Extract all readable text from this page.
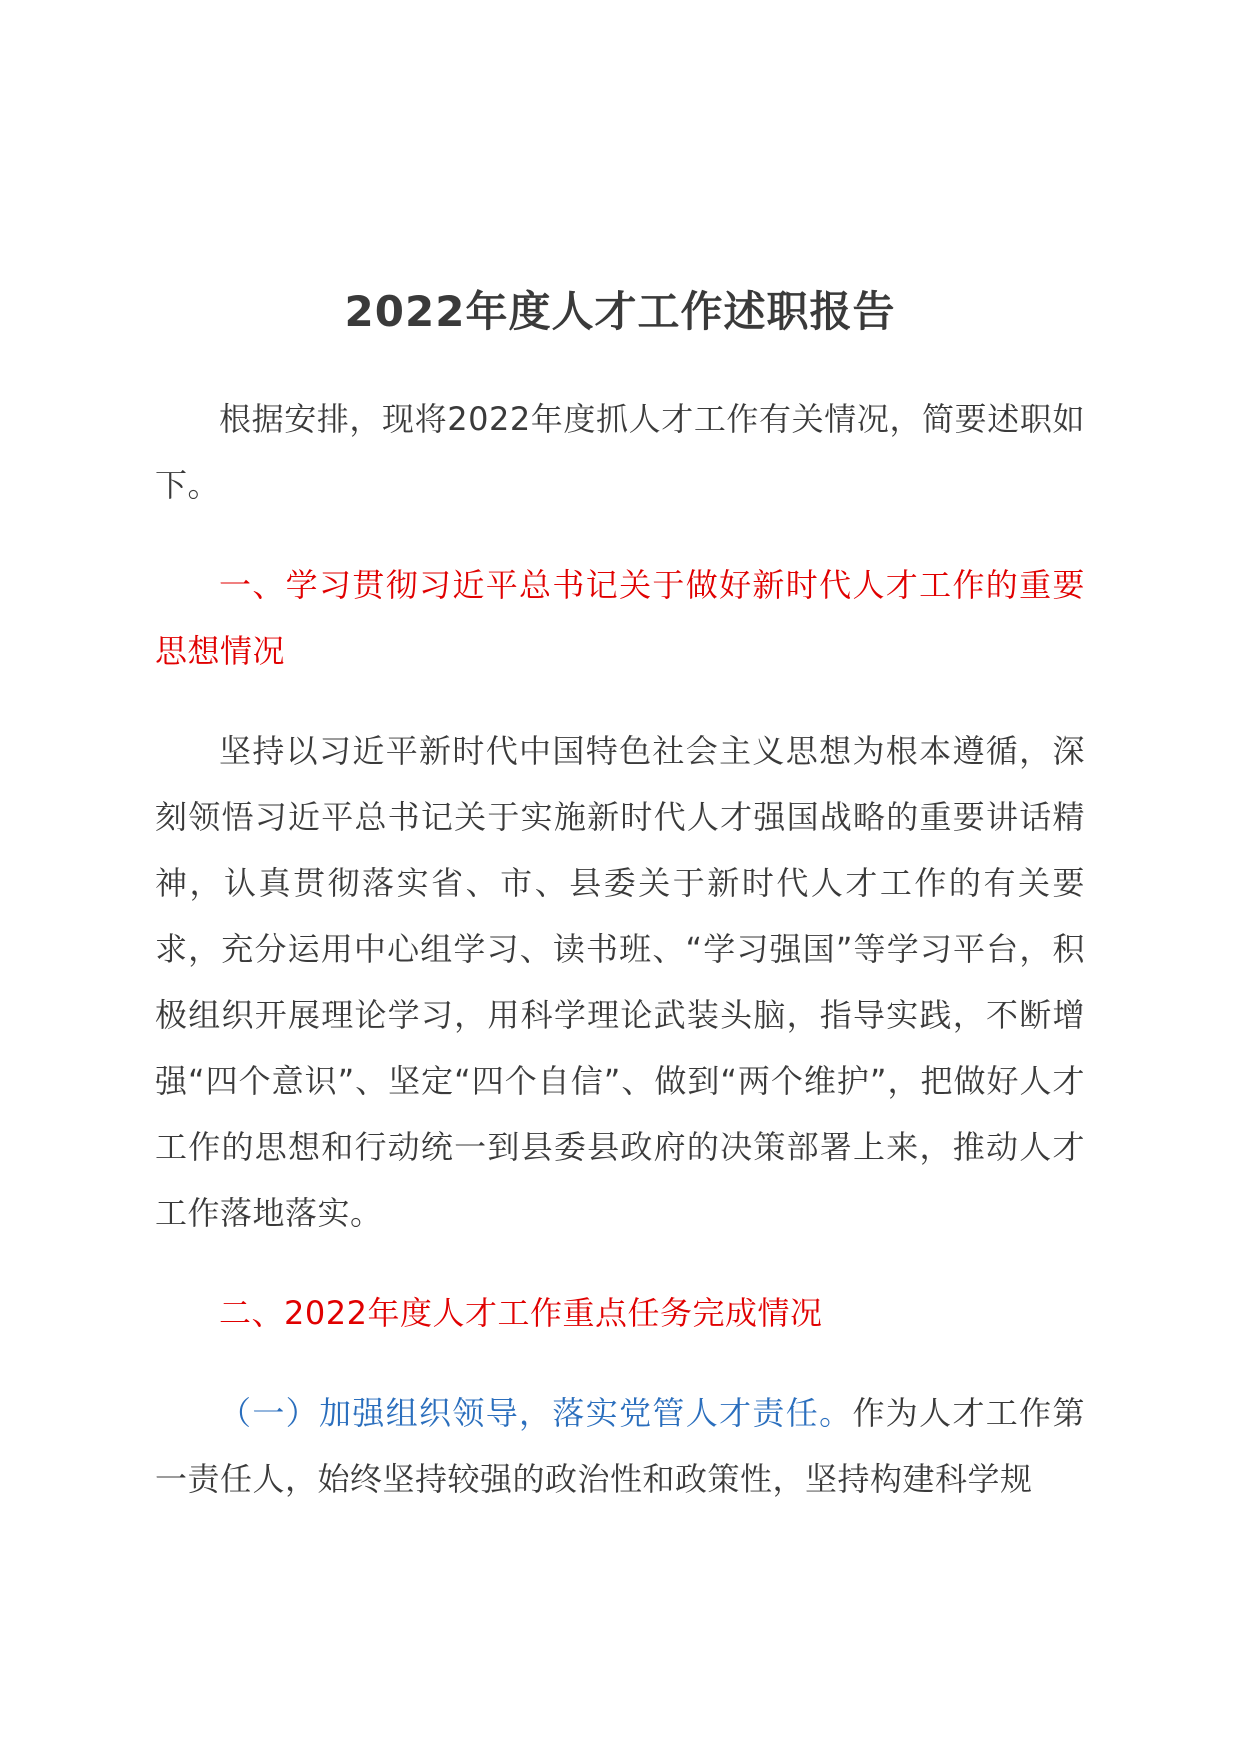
2022年度人才工作述职报告

根据安排，现将2022年度抓人才工作有关情况，简要述职如下。

一、学习贯彻习近平总书记关于做好新时代人才工作的重要思想情况

坚持以习近平新时代中国特色社会主义思想为根本遵循，深刻领悟习近平总书记关于实施新时代人才强国战略的重要讲话精神，认真贯彻落实省、市、县委关于新时代人才工作的有关要求，充分运用中心组学习、读书班、“学习强国”等学习平台，积极组织开展理论学习，用科学理论武装头脑，指导实践，不断增强“四个意识”、坚定“四个自信”、做到“两个维护”，把做好人才工作的思想和行动统一到县委县政府的决策部署上来，推动人才工作落地落实。

二、2022年度人才工作重点任务完成情况

（一）加强组织领导，落实党管人才责任。作为人才工作第一责任人，始终坚持较强的政治性和政策性，坚持构建科学规
